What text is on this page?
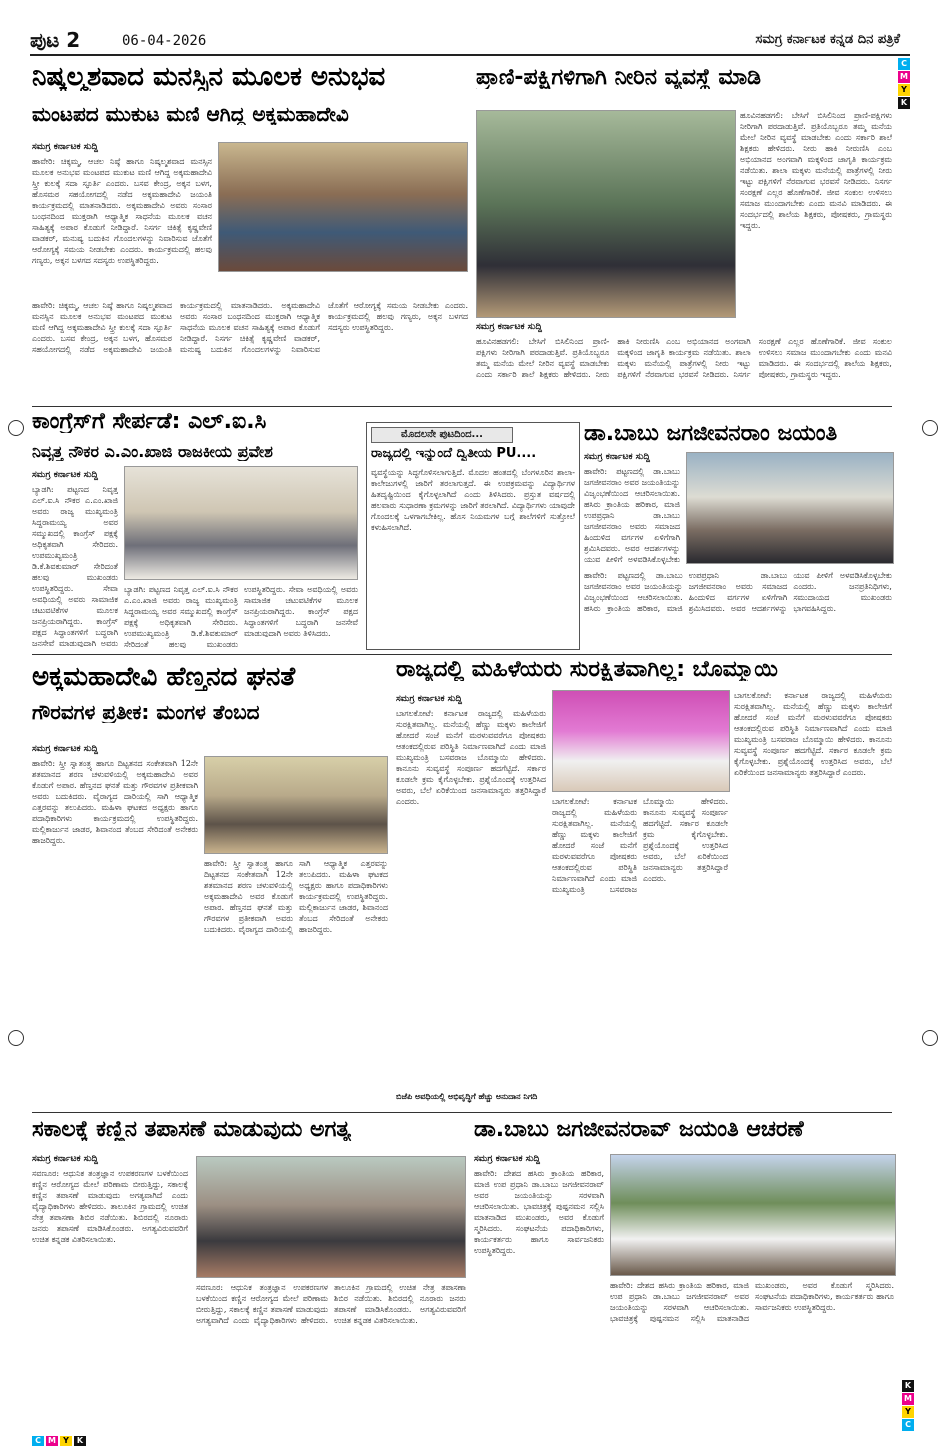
ಪುಟ 2	06-04-2026	ಸಮಗ್ರ ಕರ್ನಾಟಕ ಕನ್ನಡ ದಿನ ಪತ್ರಿಕೆ
C
M
Y
K
K
M
Y
C
C M Y	K
ನಿಷ್ಕಲ್ಮಶವಾದ ಮನಸ್ಸಿನ ಮೂಲಕ ಅನುಭವ
ಮಂಟಪದ ಮುಕುಟ ಮಣಿ ಆಗಿದ್ದ ಅಕ್ಕಮಹಾದೇವಿ
ಸಮಗ್ರ ಕರ್ನಾಟಕ ಸುದ್ದಿ
ಹಾವೇರಿ: ಚಿಕ್ಕಮ್ಮ, ಆಚಲ ನಿಷ್ಠೆ ಹಾಗೂ ನಿಷ್ಕಲ್ಮಶವಾದ ಮನಸ್ಸಿನ ಮೂಲಕ ಅನುಭವ ಮಂಟಪದ ಮುಕುಟ ಮಣಿ ಆಗಿದ್ದ ಅಕ್ಕಮಹಾದೇವಿ ಸ್ತ್ರೀ ಕುಲಕ್ಕೆ ಸದಾ ಸ್ಫೂರ್ತಿ ಎಂದರು. ಬಸವ ಕೇಂದ್ರ, ಅಕ್ಕನ ಬಳಗ, ಹೊಸಮಠ ಸಹಯೋಗದಲ್ಲಿ ನಡೆದ ಅಕ್ಕಮಹಾದೇವಿ ಜಯಂತಿ ಕಾರ್ಯಕ್ರಮದಲ್ಲಿ ಮಾತನಾಡಿದರು. ಅಕ್ಕಮಹಾದೇವಿ ಅವರು ಸಂಸಾರ ಬಂಧನದಿಂದ ಮುಕ್ತರಾಗಿ ಆಧ್ಯಾತ್ಮಿಕ ಸಾಧನೆಯ ಮೂಲಕ ವಚನ ಸಾಹಿತ್ಯಕ್ಕೆ ಅಪಾರ ಕೊಡುಗೆ ನೀಡಿದ್ದಾರೆ. ನಿಸರ್ಗ ಚಿಕಿತ್ಸೆ ಕೃಷ್ಣವೇಣಿ ವಾಡಕರ್, ಮನುಷ್ಯ ಬದುಕಿನ ಗೊಂದಲಗಳನ್ನು ನಿವಾರಿಸುವ ಜೊತೆಗೆ ಆರೋಗ್ಯಕ್ಕೆ ಸಮಯ ನೀಡಬೇಕು ಎಂದರು. ಕಾರ್ಯಕ್ರಮದಲ್ಲಿ ಹಲವು ಗಣ್ಯರು, ಅಕ್ಕನ ಬಳಗದ ಸದಸ್ಯರು ಉಪಸ್ಥಿತರಿದ್ದರು.
ಹಾವೇರಿ: ಚಿಕ್ಕಮ್ಮ, ಆಚಲ ನಿಷ್ಠೆ ಹಾಗೂ ನಿಷ್ಕಲ್ಮಶವಾದ ಮನಸ್ಸಿನ ಮೂಲಕ ಅನುಭವ ಮಂಟಪದ ಮುಕುಟ ಮಣಿ ಆಗಿದ್ದ ಅಕ್ಕಮಹಾದೇವಿ ಸ್ತ್ರೀ ಕುಲಕ್ಕೆ ಸದಾ ಸ್ಫೂರ್ತಿ ಎಂದರು. ಬಸವ ಕೇಂದ್ರ, ಅಕ್ಕನ ಬಳಗ, ಹೊಸಮಠ ಸಹಯೋಗದಲ್ಲಿ ನಡೆದ ಅಕ್ಕಮಹಾದೇವಿ ಜಯಂತಿ ಕಾರ್ಯಕ್ರಮದಲ್ಲಿ ಮಾತನಾಡಿದರು. ಅಕ್ಕಮಹಾದೇವಿ ಅವರು ಸಂಸಾರ ಬಂಧನದಿಂದ ಮುಕ್ತರಾಗಿ ಆಧ್ಯಾತ್ಮಿಕ ಸಾಧನೆಯ ಮೂಲಕ ವಚನ ಸಾಹಿತ್ಯಕ್ಕೆ ಅಪಾರ ಕೊಡುಗೆ ನೀಡಿದ್ದಾರೆ. ನಿಸರ್ಗ ಚಿಕಿತ್ಸೆ ಕೃಷ್ಣವೇಣಿ ವಾಡಕರ್, ಮನುಷ್ಯ ಬದುಕಿನ ಗೊಂದಲಗಳನ್ನು ನಿವಾರಿಸುವ ಜೊತೆಗೆ ಆರೋಗ್ಯಕ್ಕೆ ಸಮಯ ನೀಡಬೇಕು ಎಂದರು. ಕಾರ್ಯಕ್ರಮದಲ್ಲಿ ಹಲವು ಗಣ್ಯರು, ಅಕ್ಕನ ಬಳಗದ ಸದಸ್ಯರು ಉಪಸ್ಥಿತರಿದ್ದರು.
ಪ್ರಾಣಿ-ಪಕ್ಷಿಗಳಿಗಾಗಿ ನೀರಿನ ವ್ಯವಸ್ಥೆ ಮಾಡಿ
ಹೂವಿನಹಡಗಲಿ: ಬೇಸಿಗೆ ಬಿಸಿಲಿನಿಂದ ಪ್ರಾಣಿ-ಪಕ್ಷಿಗಳು ನೀರಿಗಾಗಿ ಪರದಾಡುತ್ತಿವೆ. ಪ್ರತಿಯೊಬ್ಬರೂ ತಮ್ಮ ಮನೆಯ ಮೇಲೆ ನೀರಿನ ವ್ಯವಸ್ಥೆ ಮಾಡಬೇಕು ಎಂದು ಸರ್ಕಾರಿ ಶಾಲೆ ಶಿಕ್ಷಕರು ಹೇಳಿದರು. ನೀರು ಹಾಕಿ ನೀರುಣಿಸಿ ಎಂಬ ಅಭಿಯಾನದ ಅಂಗವಾಗಿ ಮಕ್ಕಳಿಂದ ಜಾಗೃತಿ ಕಾರ್ಯಕ್ರಮ ನಡೆಯಿತು. ಶಾಲಾ ಮಕ್ಕಳು ಮನೆಯಲ್ಲಿ ಪಾತ್ರೆಗಳಲ್ಲಿ ನೀರು ಇಟ್ಟು ಪಕ್ಷಿಗಳಿಗೆ ನೆರವಾಗುವ ಭರವಸೆ ನೀಡಿದರು. ನಿಸರ್ಗ ಸಂರಕ್ಷಣೆ ಎಲ್ಲರ ಹೊಣೆಗಾರಿಕೆ. ಜೀವ ಸಂಕುಲ ಉಳಿಸಲು ಸಮಾಜ ಮುಂದಾಗಬೇಕು ಎಂದು ಮನವಿ ಮಾಡಿದರು. ಈ ಸಂದರ್ಭದಲ್ಲಿ ಶಾಲೆಯ ಶಿಕ್ಷಕರು, ಪೋಷಕರು, ಗ್ರಾಮಸ್ಥರು ಇದ್ದರು.
ಸಮಗ್ರ ಕರ್ನಾಟಕ ಸುದ್ದಿ
ಹೂವಿನಹಡಗಲಿ: ಬೇಸಿಗೆ ಬಿಸಿಲಿನಿಂದ ಪ್ರಾಣಿ-ಪಕ್ಷಿಗಳು ನೀರಿಗಾಗಿ ಪರದಾಡುತ್ತಿವೆ. ಪ್ರತಿಯೊಬ್ಬರೂ ತಮ್ಮ ಮನೆಯ ಮೇಲೆ ನೀರಿನ ವ್ಯವಸ್ಥೆ ಮಾಡಬೇಕು ಎಂದು ಸರ್ಕಾರಿ ಶಾಲೆ ಶಿಕ್ಷಕರು ಹೇಳಿದರು. ನೀರು ಹಾಕಿ ನೀರುಣಿಸಿ ಎಂಬ ಅಭಿಯಾನದ ಅಂಗವಾಗಿ ಮಕ್ಕಳಿಂದ ಜಾಗೃತಿ ಕಾರ್ಯಕ್ರಮ ನಡೆಯಿತು. ಶಾಲಾ ಮಕ್ಕಳು ಮನೆಯಲ್ಲಿ ಪಾತ್ರೆಗಳಲ್ಲಿ ನೀರು ಇಟ್ಟು ಪಕ್ಷಿಗಳಿಗೆ ನೆರವಾಗುವ ಭರವಸೆ ನೀಡಿದರು. ನಿಸರ್ಗ ಸಂರಕ್ಷಣೆ ಎಲ್ಲರ ಹೊಣೆಗಾರಿಕೆ. ಜೀವ ಸಂಕುಲ ಉಳಿಸಲು ಸಮಾಜ ಮುಂದಾಗಬೇಕು ಎಂದು ಮನವಿ ಮಾಡಿದರು. ಈ ಸಂದರ್ಭದಲ್ಲಿ ಶಾಲೆಯ ಶಿಕ್ಷಕರು, ಪೋಷಕರು, ಗ್ರಾಮಸ್ಥರು ಇದ್ದರು.
ಕಾಂಗ್ರೆಸ್‌ಗೆ ಸೇರ್ಪಡೆ: ಎಲ್.ಐ.ಸಿ
ನಿವೃತ್ತ ನೌಕರ ಎ.ಎಂ.ಖಾಜಿ ರಾಜಕೀಯ ಪ್ರವೇಶ
ಸಮಗ್ರ ಕರ್ನಾಟಕ ಸುದ್ದಿ
ಬ್ಯಾಡಗಿ: ಪಟ್ಟಣದ ನಿವೃತ್ತ ಎಲ್.ಐ.ಸಿ ನೌಕರ ಎ.ಎಂ.ಖಾಜಿ ಅವರು ರಾಜ್ಯ ಮುಖ್ಯಮಂತ್ರಿ ಸಿದ್ದರಾಮಯ್ಯ ಅವರ ಸಮ್ಮುಖದಲ್ಲಿ ಕಾಂಗ್ರೆಸ್ ಪಕ್ಷಕ್ಕೆ ಅಧಿಕೃತವಾಗಿ ಸೇರಿದರು. ಉಪಮುಖ್ಯಮಂತ್ರಿ ಡಿ.ಕೆ.ಶಿವಕುಮಾರ್ ಸೇರಿದಂತೆ ಹಲವು ಮುಖಂಡರು ಉಪಸ್ಥಿತರಿದ್ದರು. ಸೇವಾ ಅವಧಿಯಲ್ಲಿ ಅವರು ಸಾಮಾಜಿಕ ಚಟುವಟಿಕೆಗಳ ಮೂಲಕ ಜನಪ್ರಿಯರಾಗಿದ್ದರು. ಕಾಂಗ್ರೆಸ್ ಪಕ್ಷದ ಸಿದ್ಧಾಂತಗಳಿಗೆ ಬದ್ಧರಾಗಿ ಜನಸೇವೆ ಮಾಡುವುದಾಗಿ ಅವರು
ಬ್ಯಾಡಗಿ: ಪಟ್ಟಣದ ನಿವೃತ್ತ ಎಲ್.ಐ.ಸಿ ನೌಕರ ಎ.ಎಂ.ಖಾಜಿ ಅವರು ರಾಜ್ಯ ಮುಖ್ಯಮಂತ್ರಿ ಸಿದ್ದರಾಮಯ್ಯ ಅವರ ಸಮ್ಮುಖದಲ್ಲಿ ಕಾಂಗ್ರೆಸ್ ಪಕ್ಷಕ್ಕೆ ಅಧಿಕೃತವಾಗಿ ಸೇರಿದರು. ಉಪಮುಖ್ಯಮಂತ್ರಿ ಡಿ.ಕೆ.ಶಿವಕುಮಾರ್ ಸೇರಿದಂತೆ ಹಲವು ಮುಖಂಡರು ಉಪಸ್ಥಿತರಿದ್ದರು. ಸೇವಾ ಅವಧಿಯಲ್ಲಿ ಅವರು ಸಾಮಾಜಿಕ ಚಟುವಟಿಕೆಗಳ ಮೂಲಕ ಜನಪ್ರಿಯರಾಗಿದ್ದರು. ಕಾಂಗ್ರೆಸ್ ಪಕ್ಷದ ಸಿದ್ಧಾಂತಗಳಿಗೆ ಬದ್ಧರಾಗಿ ಜನಸೇವೆ ಮಾಡುವುದಾಗಿ ಅವರು ತಿಳಿಸಿದರು.
ಮೊದಲನೇ ಪುಟದಿಂದ...
ರಾಜ್ಯದಲ್ಲಿ ಇನ್ನುಂದೆ ದ್ವಿತೀಯ PU....
ವ್ಯವಸ್ಥೆಯನ್ನು ಸಿದ್ಧಗೊಳಿಸಲಾಗುತ್ತಿದೆ. ಮೊದಲ ಹಂತದಲ್ಲಿ ಬೆಂಗಳೂರಿನ ಶಾಲಾ-ಕಾಲೇಜುಗಳಲ್ಲಿ ಜಾರಿಗೆ ತರಲಾಗುತ್ತದೆ. ಈ ಉಪಕ್ರಮವನ್ನು ವಿದ್ಯಾರ್ಥಿಗಳ ಹಿತದೃಷ್ಟಿಯಿಂದ ಕೈಗೊಳ್ಳಲಾಗಿದೆ ಎಂದು ತಿಳಿಸಿದರು. ಪ್ರಸ್ತುತ ವರ್ಷದಲ್ಲಿ ಹಲವಾರು ಸುಧಾರಣಾ ಕ್ರಮಗಳನ್ನು ಜಾರಿಗೆ ತರಲಾಗಿದೆ. ವಿದ್ಯಾರ್ಥಿಗಳು ಯಾವುದೇ ಗೊಂದಲಕ್ಕೆ ಒಳಗಾಗಬೇಕಿಲ್ಲ. ಹೊಸ ನಿಯಮಗಳ ಬಗ್ಗೆ ಶಾಲೆಗಳಿಗೆ ಸುತ್ತೋಲೆ ಕಳುಹಿಸಲಾಗಿದೆ.
ಡಾ.ಬಾಬು ಜಗಜೀವನರಾಂ ಜಯಂತಿ
ಸಮಗ್ರ ಕರ್ನಾಟಕ ಸುದ್ದಿ
ಹಾವೇರಿ: ಪಟ್ಟಣದಲ್ಲಿ ಡಾ.ಬಾಬು ಜಗಜೀವನರಾಂ ಅವರ ಜಯಂತಿಯನ್ನು ವಿಜೃಂಭಣೆಯಿಂದ ಆಚರಿಸಲಾಯಿತು. ಹಸಿರು ಕ್ರಾಂತಿಯ ಹರಿಕಾರ, ಮಾಜಿ ಉಪಪ್ರಧಾನಿ ಡಾ.ಬಾಬು ಜಗಜೀವನರಾಂ ಅವರು ಸಮಾಜದ ಹಿಂದುಳಿದ ವರ್ಗಗಳ ಏಳಿಗೆಗಾಗಿ ಶ್ರಮಿಸಿದವರು. ಅವರ ಆದರ್ಶಗಳನ್ನು ಯುವ ಪೀಳಿಗೆ ಅಳವಡಿಸಿಕೊಳ್ಳಬೇಕು
ಹಾವೇರಿ: ಪಟ್ಟಣದಲ್ಲಿ ಡಾ.ಬಾಬು ಜಗಜೀವನರಾಂ ಅವರ ಜಯಂತಿಯನ್ನು ವಿಜೃಂಭಣೆಯಿಂದ ಆಚರಿಸಲಾಯಿತು. ಹಸಿರು ಕ್ರಾಂತಿಯ ಹರಿಕಾರ, ಮಾಜಿ ಉಪಪ್ರಧಾನಿ ಡಾ.ಬಾಬು ಜಗಜೀವನರಾಂ ಅವರು ಸಮಾಜದ ಹಿಂದುಳಿದ ವರ್ಗಗಳ ಏಳಿಗೆಗಾಗಿ ಶ್ರಮಿಸಿದವರು. ಅವರ ಆದರ್ಶಗಳನ್ನು ಯುವ ಪೀಳಿಗೆ ಅಳವಡಿಸಿಕೊಳ್ಳಬೇಕು ಎಂದರು. ಜನಪ್ರತಿನಿಧಿಗಳು, ಸಮುದಾಯದ ಮುಖಂಡರು ಭಾಗವಹಿಸಿದ್ದರು.
ಅಕ್ಕಮಹಾದೇವಿ ಹೆಣ್ತನದ ಘನತೆ
ಗೌರವಗಳ ಪ್ರತೀಕ: ಮಂಗಳ ತೆಂಬದ
ಸಮಗ್ರ ಕರ್ನಾಟಕ ಸುದ್ದಿ
ಹಾವೇರಿ: ಸ್ತ್ರೀ ಸ್ವಾತಂತ್ರ್ಯ ಹಾಗೂ ದಿಟ್ಟತನದ ಸಂಕೇತವಾಗಿ 12ನೇ ಶತಮಾನದ ಶರಣ ಚಳುವಳಿಯಲ್ಲಿ ಅಕ್ಕಮಹಾದೇವಿ ಅವರ ಕೊಡುಗೆ ಅಪಾರ. ಹೆಣ್ತನದ ಘನತೆ ಮತ್ತು ಗೌರವಗಳ ಪ್ರತೀಕವಾಗಿ ಅವರು ಬದುಕಿದರು. ವೈರಾಗ್ಯದ ದಾರಿಯಲ್ಲಿ ಸಾಗಿ ಆಧ್ಯಾತ್ಮಿಕ ಎತ್ತರವನ್ನು ತಲುಪಿದರು. ಮಹಿಳಾ ಘಟಕದ ಅಧ್ಯಕ್ಷರು ಹಾಗೂ ಪದಾಧಿಕಾರಿಗಳು ಕಾರ್ಯಕ್ರಮದಲ್ಲಿ ಉಪಸ್ಥಿತರಿದ್ದರು. ಮಲ್ಲಿಕಾರ್ಜುನ ಜಾಡರ, ಶಿವಾನಂದ ತೆಂಬದ ಸೇರಿದಂತೆ ಅನೇಕರು ಹಾಜರಿದ್ದರು.
ಹಾವೇರಿ: ಸ್ತ್ರೀ ಸ್ವಾತಂತ್ರ್ಯ ಹಾಗೂ ದಿಟ್ಟತನದ ಸಂಕೇತವಾಗಿ 12ನೇ ಶತಮಾನದ ಶರಣ ಚಳುವಳಿಯಲ್ಲಿ ಅಕ್ಕಮಹಾದೇವಿ ಅವರ ಕೊಡುಗೆ ಅಪಾರ. ಹೆಣ್ತನದ ಘನತೆ ಮತ್ತು ಗೌರವಗಳ ಪ್ರತೀಕವಾಗಿ ಅವರು ಬದುಕಿದರು. ವೈರಾಗ್ಯದ ದಾರಿಯಲ್ಲಿ ಸಾಗಿ ಆಧ್ಯಾತ್ಮಿಕ ಎತ್ತರವನ್ನು ತಲುಪಿದರು. ಮಹಿಳಾ ಘಟಕದ ಅಧ್ಯಕ್ಷರು ಹಾಗೂ ಪದಾಧಿಕಾರಿಗಳು ಕಾರ್ಯಕ್ರಮದಲ್ಲಿ ಉಪಸ್ಥಿತರಿದ್ದರು. ಮಲ್ಲಿಕಾರ್ಜುನ ಜಾಡರ, ಶಿವಾನಂದ ತೆಂಬದ ಸೇರಿದಂತೆ ಅನೇಕರು ಹಾಜರಿದ್ದರು.
ರಾಜ್ಯದಲ್ಲಿ ಮಹಿಳೆಯರು ಸುರಕ್ಷಿತವಾಗಿಲ್ಲ: ಬೊಮ್ಮಾಯಿ
ಸಮಗ್ರ ಕರ್ನಾಟಕ ಸುದ್ದಿ
ಬಾಗಲಕೋಟೆ: ಕರ್ನಾಟಕ ರಾಜ್ಯದಲ್ಲಿ ಮಹಿಳೆಯರು ಸುರಕ್ಷಿತವಾಗಿಲ್ಲ. ಮನೆಯಲ್ಲಿ ಹೆಣ್ಣು ಮಕ್ಕಳು ಕಾಲೇಜಿಗೆ ಹೋದರೆ ಸಂಜೆ ಮನೆಗೆ ಮರಳುವವರೆಗೂ ಪೋಷಕರು ಆತಂಕದಲ್ಲಿರುವ ಪರಿಸ್ಥಿತಿ ನಿರ್ಮಾಣವಾಗಿದೆ ಎಂದು ಮಾಜಿ ಮುಖ್ಯಮಂತ್ರಿ ಬಸವರಾಜ ಬೊಮ್ಮಾಯಿ ಹೇಳಿದರು. ಕಾನೂನು ಸುವ್ಯವಸ್ಥೆ ಸಂಪೂರ್ಣ ಹದಗೆಟ್ಟಿದೆ. ಸರ್ಕಾರ ಕೂಡಲೇ ಕ್ರಮ ಕೈಗೊಳ್ಳಬೇಕು. ಪ್ರಶ್ನೆಯೊಂದಕ್ಕೆ ಉತ್ತರಿಸಿದ ಅವರು, ಬೆಲೆ ಏರಿಕೆಯಿಂದ ಜನಸಾಮಾನ್ಯರು ತತ್ತರಿಸಿದ್ದಾರೆ ಎಂದರು.	ಬಾಗಲಕೋಟೆ: ಕರ್ನಾಟಕ ರಾಜ್ಯದಲ್ಲಿ ಮಹಿಳೆಯರು ಸುರಕ್ಷಿತವಾಗಿಲ್ಲ. ಮನೆಯಲ್ಲಿ ಹೆಣ್ಣು ಮಕ್ಕಳು ಕಾಲೇಜಿಗೆ ಹೋದರೆ ಸಂಜೆ ಮನೆಗೆ ಮರಳುವವರೆಗೂ ಪೋಷಕರು ಆತಂಕದಲ್ಲಿರುವ ಪರಿಸ್ಥಿತಿ ನಿರ್ಮಾಣವಾಗಿದೆ ಎಂದು ಮಾಜಿ ಮುಖ್ಯಮಂತ್ರಿ ಬಸವರಾಜ ಬೊಮ್ಮಾಯಿ ಹೇಳಿದರು. ಕಾನೂನು ಸುವ್ಯವಸ್ಥೆ ಸಂಪೂರ್ಣ ಹದಗೆಟ್ಟಿದೆ. ಸರ್ಕಾರ ಕೂಡಲೇ ಕ್ರಮ ಕೈಗೊಳ್ಳಬೇಕು. ಪ್ರಶ್ನೆಯೊಂದಕ್ಕೆ ಉತ್ತರಿಸಿದ ಅವರು, ಬೆಲೆ ಏರಿಕೆಯಿಂದ ಜನಸಾಮಾನ್ಯರು ತತ್ತರಿಸಿದ್ದಾರೆ ಎಂದರು.
ಬಾಗಲಕೋಟೆ: ಕರ್ನಾಟಕ ರಾಜ್ಯದಲ್ಲಿ ಮಹಿಳೆಯರು ಸುರಕ್ಷಿತವಾಗಿಲ್ಲ. ಮನೆಯಲ್ಲಿ ಹೆಣ್ಣು ಮಕ್ಕಳು ಕಾಲೇಜಿಗೆ ಹೋದರೆ ಸಂಜೆ ಮನೆಗೆ ಮರಳುವವರೆಗೂ ಪೋಷಕರು ಆತಂಕದಲ್ಲಿರುವ ಪರಿಸ್ಥಿತಿ ನಿರ್ಮಾಣವಾಗಿದೆ ಎಂದು ಮಾಜಿ ಮುಖ್ಯಮಂತ್ರಿ ಬಸವರಾಜ ಬೊಮ್ಮಾಯಿ ಹೇಳಿದರು. ಕಾನೂನು ಸುವ್ಯವಸ್ಥೆ ಸಂಪೂರ್ಣ ಹದಗೆಟ್ಟಿದೆ. ಸರ್ಕಾರ ಕೂಡಲೇ ಕ್ರಮ ಕೈಗೊಳ್ಳಬೇಕು. ಪ್ರಶ್ನೆಯೊಂದಕ್ಕೆ ಉತ್ತರಿಸಿದ ಅವರು, ಬೆಲೆ ಏರಿಕೆಯಿಂದ ಜನಸಾಮಾನ್ಯರು ತತ್ತರಿಸಿದ್ದಾರೆ ಎಂದರು.
ಬಿಜೆಪಿ ಅವಧಿಯಲ್ಲಿ ಅಭಿವೃದ್ಧಿಗೆ ಹೆಚ್ಚು ಅನುದಾನ ನಿಗದಿ
ಸಕಾಲಕ್ಕೆ ಕಣ್ಣಿನ ತಪಾಸಣೆ ಮಾಡುವುದು ಅಗತ್ಯ
ಸಮಗ್ರ ಕರ್ನಾಟಕ ಸುದ್ದಿ
ಸವಣೂರ: ಆಧುನಿಕ ತಂತ್ರಜ್ಞಾನ ಉಪಕರಣಗಳ ಬಳಕೆಯಿಂದ ಕಣ್ಣಿನ ಆರೋಗ್ಯದ ಮೇಲೆ ಪರಿಣಾಮ ಬೀರುತ್ತಿದ್ದು, ಸಕಾಲಕ್ಕೆ ಕಣ್ಣಿನ ತಪಾಸಣೆ ಮಾಡುವುದು ಅಗತ್ಯವಾಗಿದೆ ಎಂದು ವೈದ್ಯಾಧಿಕಾರಿಗಳು ಹೇಳಿದರು. ತಾಲೂಕಿನ ಗ್ರಾಮದಲ್ಲಿ ಉಚಿತ ನೇತ್ರ ತಪಾಸಣಾ ಶಿಬಿರ ನಡೆಯಿತು. ಶಿಬಿರದಲ್ಲಿ ನೂರಾರು ಜನರು ತಪಾಸಣೆ ಮಾಡಿಸಿಕೊಂಡರು. ಅಗತ್ಯವಿರುವವರಿಗೆ ಉಚಿತ ಕನ್ನಡಕ ವಿತರಿಸಲಾಯಿತು.
ಸವಣೂರ: ಆಧುನಿಕ ತಂತ್ರಜ್ಞಾನ ಉಪಕರಣಗಳ ಬಳಕೆಯಿಂದ ಕಣ್ಣಿನ ಆರೋಗ್ಯದ ಮೇಲೆ ಪರಿಣಾಮ ಬೀರುತ್ತಿದ್ದು, ಸಕಾಲಕ್ಕೆ ಕಣ್ಣಿನ ತಪಾಸಣೆ ಮಾಡುವುದು ಅಗತ್ಯವಾಗಿದೆ ಎಂದು ವೈದ್ಯಾಧಿಕಾರಿಗಳು ಹೇಳಿದರು. ತಾಲೂಕಿನ ಗ್ರಾಮದಲ್ಲಿ ಉಚಿತ ನೇತ್ರ ತಪಾಸಣಾ ಶಿಬಿರ ನಡೆಯಿತು. ಶಿಬಿರದಲ್ಲಿ ನೂರಾರು ಜನರು ತಪಾಸಣೆ ಮಾಡಿಸಿಕೊಂಡರು. ಅಗತ್ಯವಿರುವವರಿಗೆ ಉಚಿತ ಕನ್ನಡಕ ವಿತರಿಸಲಾಯಿತು.
ಡಾ.ಬಾಬು ಜಗಜೀವನರಾವ್ ಜಯಂತಿ ಆಚರಣೆ
ಸಮಗ್ರ ಕರ್ನಾಟಕ ಸುದ್ದಿ
ಹಾವೇರಿ: ದೇಶದ ಹಸಿರು ಕ್ರಾಂತಿಯ ಹರಿಕಾರ, ಮಾಜಿ ಉಪ ಪ್ರಧಾನಿ ಡಾ.ಬಾಬು ಜಗಜೀವನರಾವ್ ಅವರ ಜಯಂತಿಯನ್ನು ಸರಳವಾಗಿ ಆಚರಿಸಲಾಯಿತು. ಭಾವಚಿತ್ರಕ್ಕೆ ಪುಷ್ಪನಮನ ಸಲ್ಲಿಸಿ ಮಾತನಾಡಿದ ಮುಖಂಡರು, ಅವರ ಕೊಡುಗೆ ಸ್ಮರಿಸಿದರು. ಸಂಘಟನೆಯ ಪದಾಧಿಕಾರಿಗಳು, ಕಾರ್ಯಕರ್ತರು ಹಾಗೂ ಸಾರ್ವಜನಿಕರು ಉಪಸ್ಥಿತರಿದ್ದರು.
ಹಾವೇರಿ: ದೇಶದ ಹಸಿರು ಕ್ರಾಂತಿಯ ಹರಿಕಾರ, ಮಾಜಿ ಉಪ ಪ್ರಧಾನಿ ಡಾ.ಬಾಬು ಜಗಜೀವನರಾವ್ ಅವರ ಜಯಂತಿಯನ್ನು ಸರಳವಾಗಿ ಆಚರಿಸಲಾಯಿತು. ಭಾವಚಿತ್ರಕ್ಕೆ ಪುಷ್ಪನಮನ ಸಲ್ಲಿಸಿ ಮಾತನಾಡಿದ ಮುಖಂಡರು, ಅವರ ಕೊಡುಗೆ ಸ್ಮರಿಸಿದರು. ಸಂಘಟನೆಯ ಪದಾಧಿಕಾರಿಗಳು, ಕಾರ್ಯಕರ್ತರು ಹಾಗೂ ಸಾರ್ವಜನಿಕರು ಉಪಸ್ಥಿತರಿದ್ದರು.
